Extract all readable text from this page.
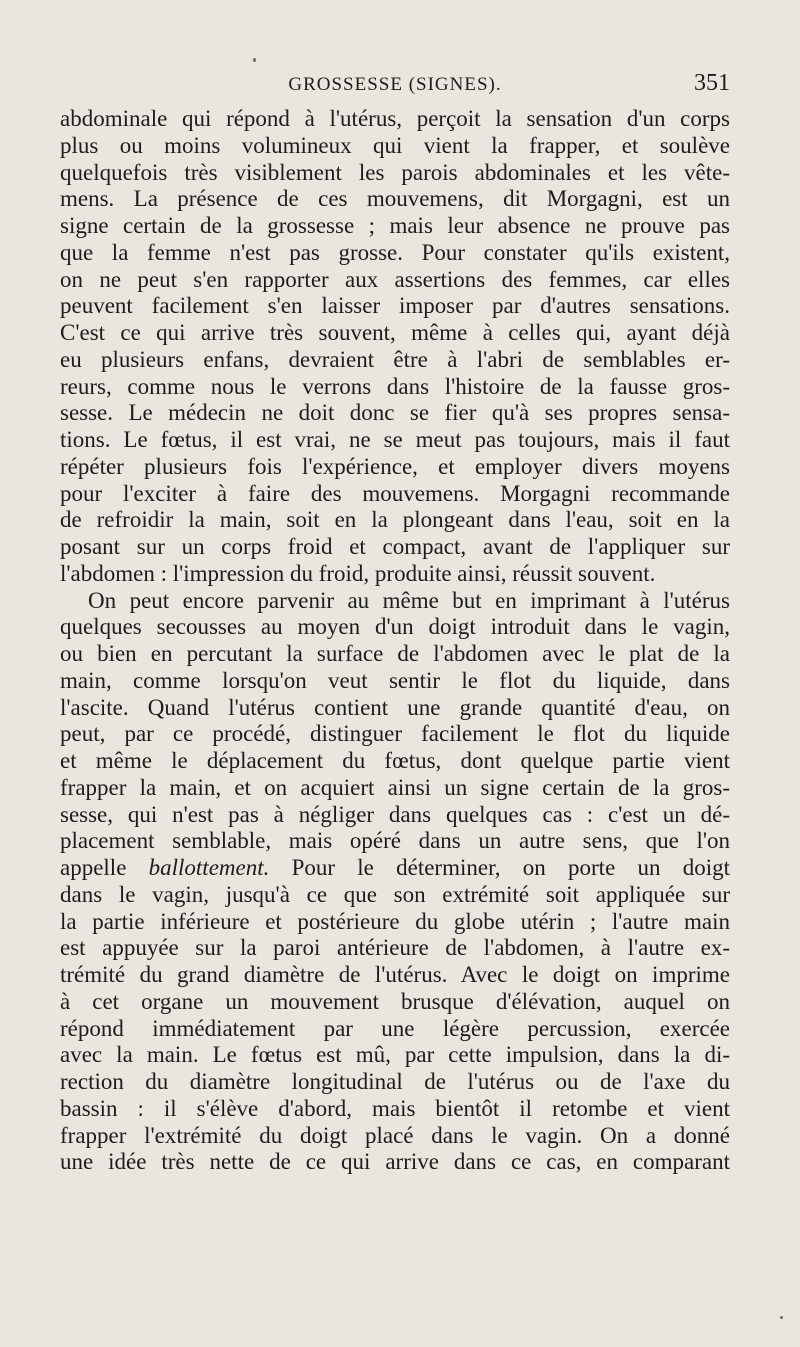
GROSSESSE (SIGNES).	351
abdominale qui répond à l'utérus, perçoit la sensation d'un corps
plus ou moins volumineux qui vient la frapper, et soulève
quelquefois très visiblement les parois abdominales et les vête-
mens. La présence de ces mouvemens, dit Morgagni, est un
signe certain de la grossesse ; mais leur absence ne prouve pas
que la femme n'est pas grosse. Pour constater qu'ils existent,
on ne peut s'en rapporter aux assertions des femmes, car elles
peuvent facilement s'en laisser imposer par d'autres sensations.
C'est ce qui arrive très souvent, même à celles qui, ayant déjà
eu plusieurs enfans, devraient être à l'abri de semblables er-
reurs, comme nous le verrons dans l'histoire de la fausse gros-
sesse. Le médecin ne doit donc se fier qu'à ses propres sensa-
tions. Le fœtus, il est vrai, ne se meut pas toujours, mais il faut
répéter plusieurs fois l'expérience, et employer divers moyens
pour l'exciter à faire des mouvemens. Morgagni recommande
de refroidir la main, soit en la plongeant dans l'eau, soit en la
posant sur un corps froid et compact, avant de l'appliquer sur
l'abdomen : l'impression du froid, produite ainsi, réussit souvent.
On peut encore parvenir au même but en imprimant à l'utérus
quelques secousses au moyen d'un doigt introduit dans le vagin,
ou bien en percutant la surface de l'abdomen avec le plat de la
main, comme lorsqu'on veut sentir le flot du liquide, dans
l'ascite. Quand l'utérus contient une grande quantité d'eau, on
peut, par ce procédé, distinguer facilement le flot du liquide
et même le déplacement du fœtus, dont quelque partie vient
frapper la main, et on acquiert ainsi un signe certain de la gros-
sesse, qui n'est pas à négliger dans quelques cas : c'est un dé-
placement semblable, mais opéré dans un autre sens, que l'on
appelle ballottement. Pour le déterminer, on porte un doigt
dans le vagin, jusqu'à ce que son extrémité soit appliquée sur
la partie inférieure et postérieure du globe utérin ; l'autre main
est appuyée sur la paroi antérieure de l'abdomen, à l'autre ex-
trémité du grand diamètre de l'utérus. Avec le doigt on imprime
à cet organe un mouvement brusque d'élévation, auquel on
répond immédiatement par une légère percussion, exercée
avec la main. Le fœtus est mû, par cette impulsion, dans la di-
rection du diamètre longitudinal de l'utérus ou de l'axe du
bassin : il s'élève d'abord, mais bientôt il retombe et vient
frapper l'extrémité du doigt placé dans le vagin. On a donné
une idée très nette de ce qui arrive dans ce cas, en comparant
